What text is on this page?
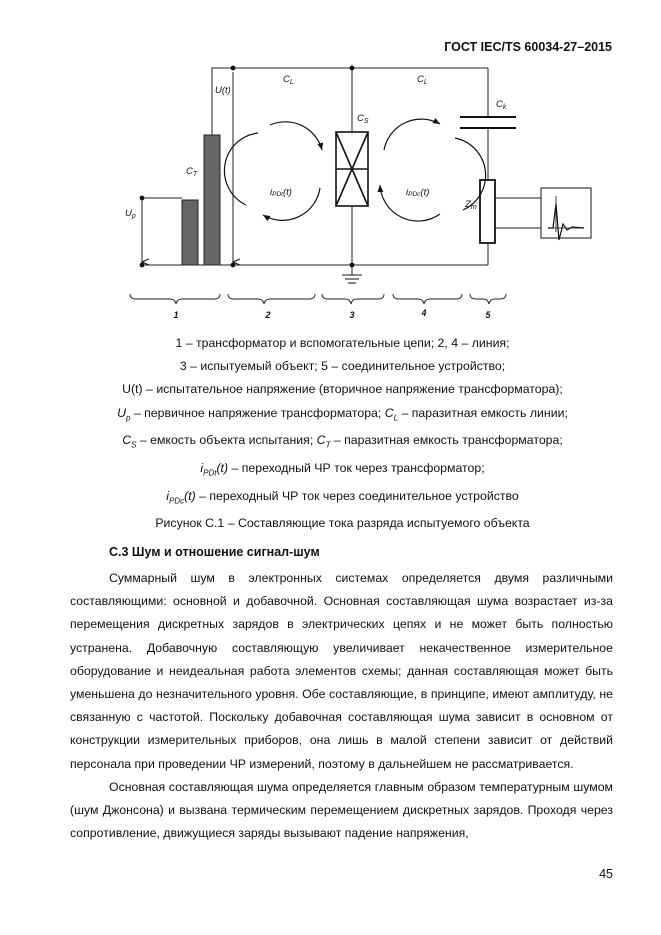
ГОСТ IEC/TS 60034-27–2015
$C_L$	$C_L$
$C_k$
$C_S$
$C_T$
U(t)
$U_p$
iPDt(t)	iPDc(t)
$Z_m$
1	2	3	4	5
1 – трансформатор и вспомогательные цепи; 2, 4 – линия;
3 – испытуемый объект; 5 – соединительное устройство;
U(t) – испытательное напряжение (вторичное напряжение трансформатора);
$U_p$ – первичное напряжение трансформатора; $C_L$ – паразитная емкость линии;
$C_S$ – емкость объекта испытания; $C_T$ – паразитная емкость трансформатора;
$i_{PDt}(t)$ – переходный ЧР ток через трансформатор;
$i_{PDc}(t)$ – переходный ЧР ток через соединительное устройство
Рисунок С.1 – Составляющие тока разряда испытуемого объекта
С.3 Шум и отношение сигнал-шум

Суммарный шум в электронных системах определяется двумя различными составляющими: основной и добавочной. Основная составляющая шума возрастает из-за перемещения дискретных зарядов в электрических цепях и не может быть полностью устранена. Добавочную составляющую увеличивает некачественное измерительное оборудование и неидеальная работа элементов схемы; данная составляющая может быть уменьшена до незначительного уровня. Обе составляющие, в принципе, имеют амплитуду, не связанную с частотой. Поскольку добавочная составляющая шума зависит в основном от конструкции измерительных приборов, она лишь в малой степени зависит от действий персонала при проведении ЧР измерений, поэтому в дальнейшем не рассматривается.

Основная составляющая шума определяется главным образом температурным шумом (шум Джонсона) и вызвана термическим перемещением дискретных зарядов. Проходя через сопротивление, движущиеся заряды вызывают падение напряжения,

45
